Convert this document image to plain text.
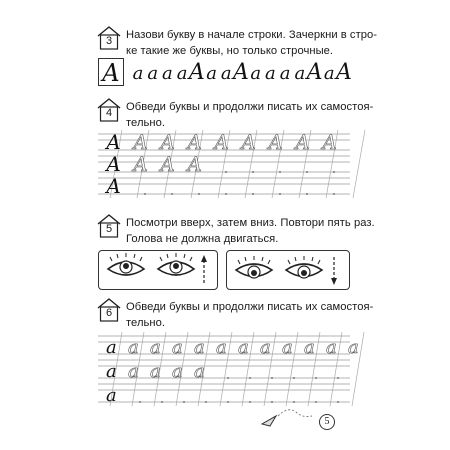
3	Назови букву в начале строки. Зачеркни в стро-
ке такие же буквы, но только строчные.
А а а а а А а а А а а а а А а А
4	Обведи буквы и продолжи писать их самостоя-
тельно.
А А А А А А А А А
А А А А
А
5	Посмотри вверх, затем вниз. Повтори пять раз.
Голова не должна двигаться.
6	Обведи буквы и продолжи писать их самостоя-
тельно.
а а а а а а а а а а а а
а а а а а
а
5
